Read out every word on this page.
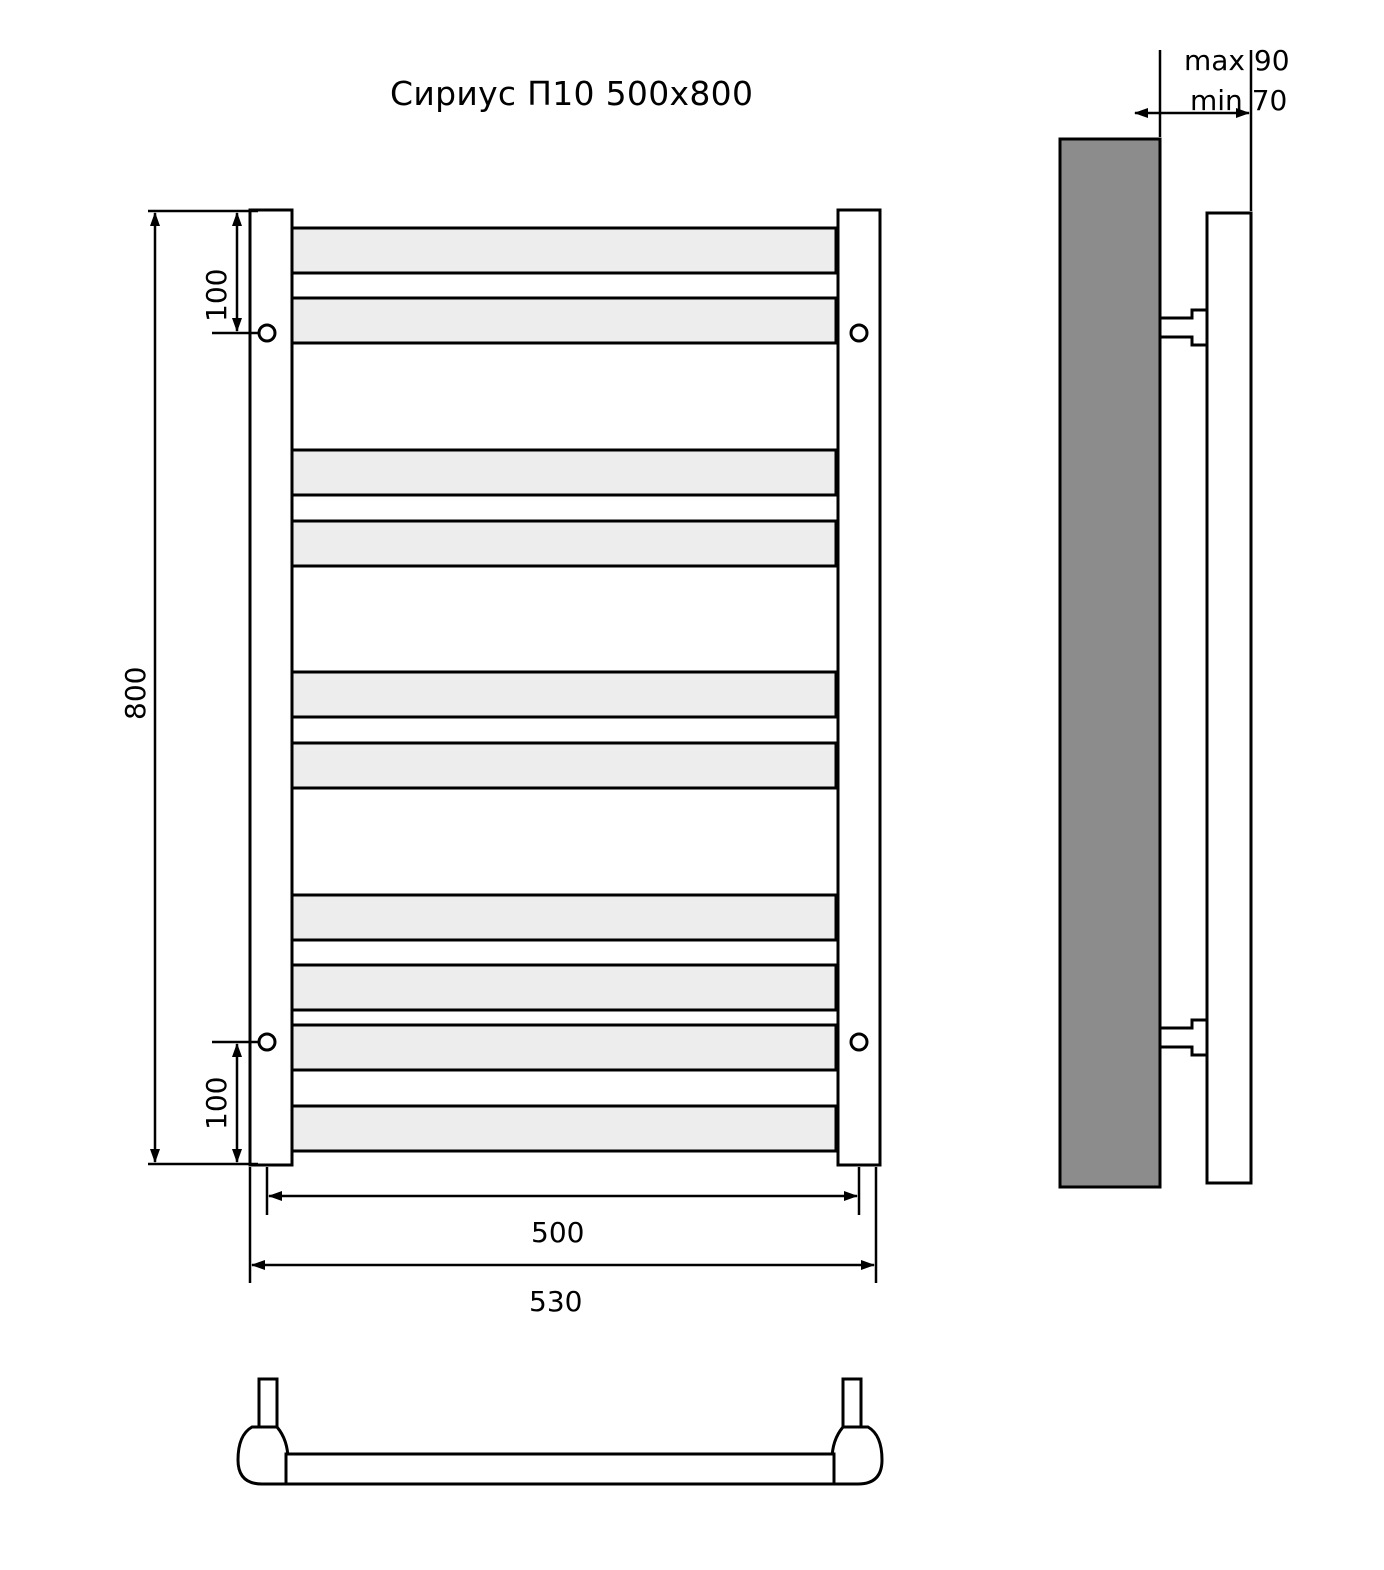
Сириус П10 500x800
100
100
800
500
530
max 90
min 70
